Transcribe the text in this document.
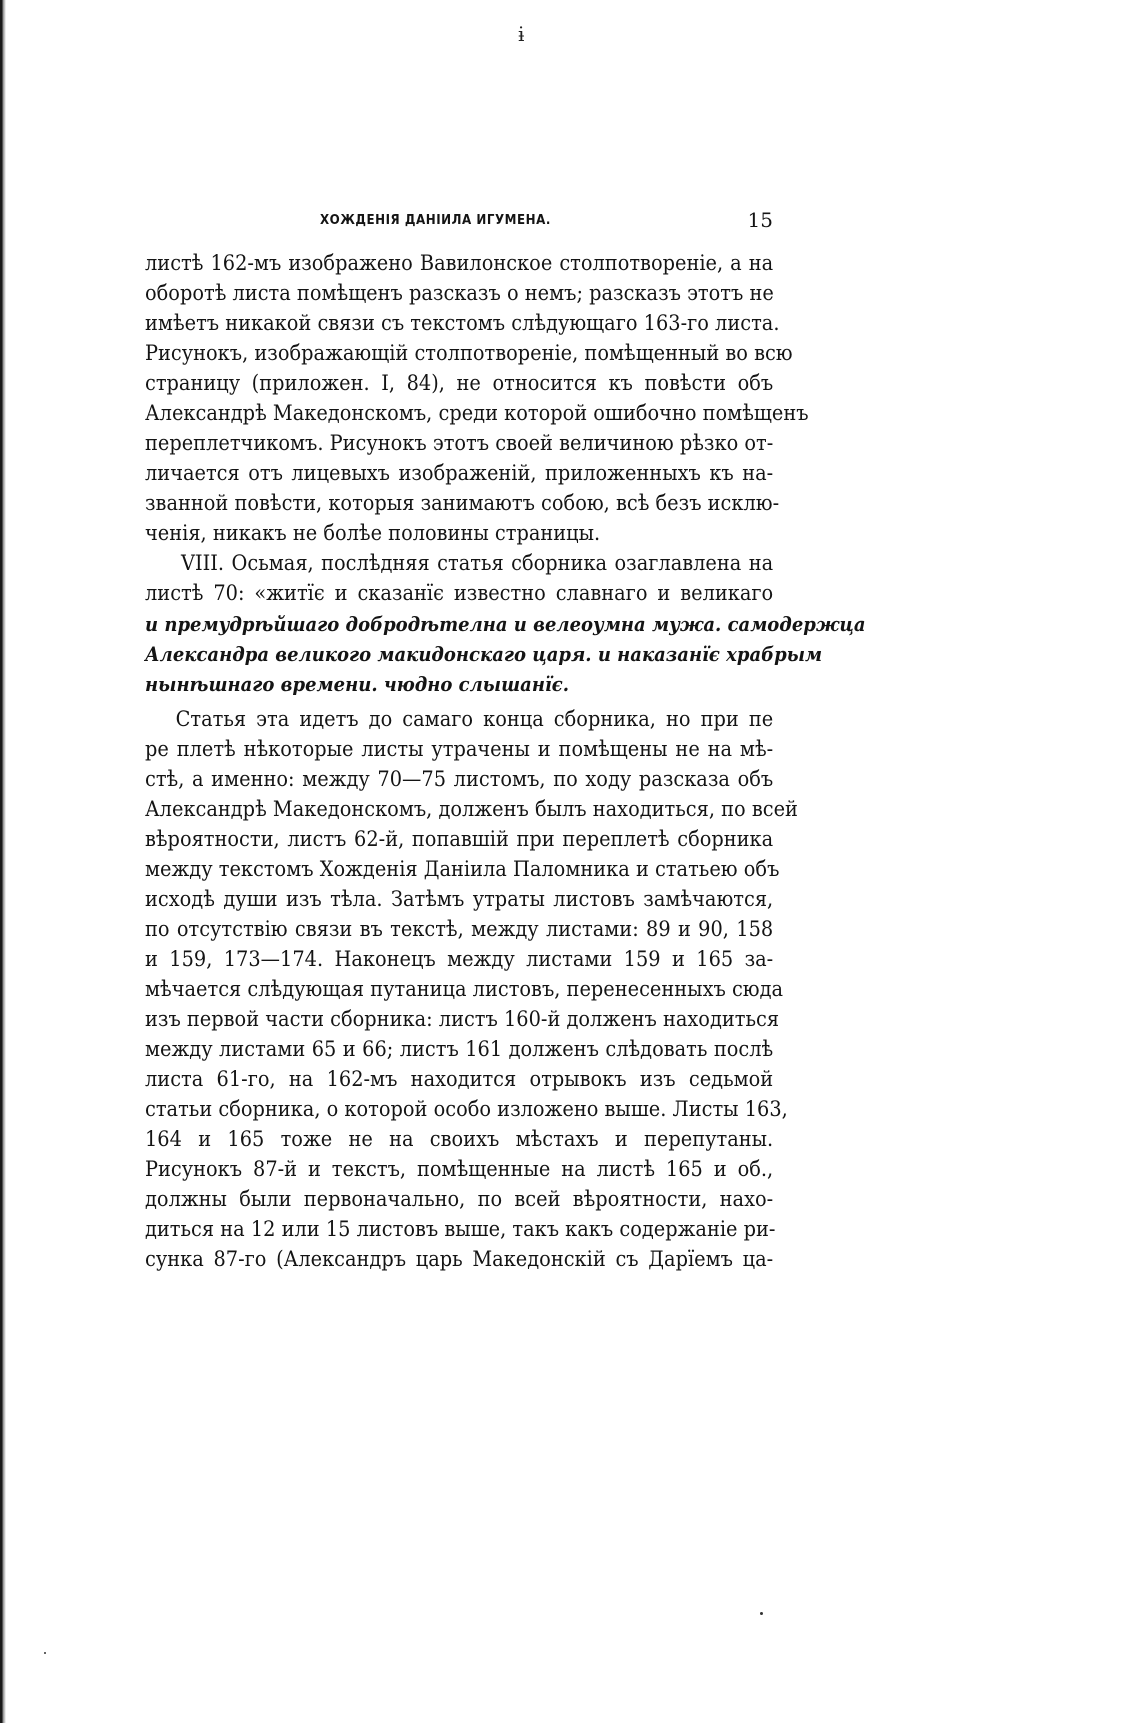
ɨ
ХОЖДЕНІЯ ДАНІИЛА ИГУМЕНА.	15
листѣ 162-мъ изображено Вавилонское столпотвореніе, а на
оборотѣ листа помѣщенъ разсказъ о немъ; разсказъ этотъ не
имѣетъ никакой связи съ текстомъ слѣдующаго 163-го листа.
Рисунокъ, изображающій столпотвореніе, помѣщенный во всю
страницу (приложен. I, 84), не относится къ повѣсти объ
Александрѣ Македонскомъ, среди которой ошибочно помѣщенъ
переплетчикомъ. Рисунокъ этотъ своей величиною рѣзко от-
личается отъ лицевыхъ изображеній, приложенныхъ къ на-
званной повѣсти, которыя занимаютъ собою, всѣ безъ исклю-
ченія, никакъ не болѣе половины страницы.
VIII. Осьмая, послѣдняя статья сборника озаглавлена на
листѣ 70: «житїє и сказанїє известно славнаго и великаго
и премудрѣйшаго добродѣтелна и велеоумна мужа. самодержца
Александра великого макидонскаго царя. и наказанїє храбрым
нынѣшнаго времени. чюдно слышанїє.
Статья эта идетъ до самаго конца сборника, но при пе
ре плетѣ нѣкоторые листы утрачены и помѣщены не на мѣ-
стѣ, а именно: между 70—75 листомъ, по ходу разсказа объ
Александрѣ Македонскомъ, долженъ былъ находиться, по всей
вѣроятности, листъ 62-й, попавшій при переплетѣ сборника
между текстомъ Хожденія Даніила Паломника и статьею объ
исходѣ души изъ тѣла. Затѣмъ утраты листовъ замѣчаются,
по отсутствію связи въ текстѣ, между листами: 89 и 90, 158
и 159, 173—174. Наконецъ между листами 159 и 165 за-
мѣчается слѣдующая путаница листовъ, перенесенныхъ сюда
изъ первой части сборника: листъ 160-й долженъ находиться
между листами 65 и 66; листъ 161 долженъ слѣдовать послѣ
листа 61-го, на 162-мъ находится отрывокъ изъ седьмой
статьи сборника, о которой особо изложено выше. Листы 163,
164 и 165 тоже не на своихъ мѣстахъ и перепутаны.
Рисунокъ 87-й и текстъ, помѣщенные на листѣ 165 и об.,
должны были первоначально, по всей вѣроятности, нахо-
диться на 12 или 15 листовъ выше, такъ какъ содержаніе ри-
сунка 87-го (Александръ царь Македонскій съ Дарїемъ ца-
